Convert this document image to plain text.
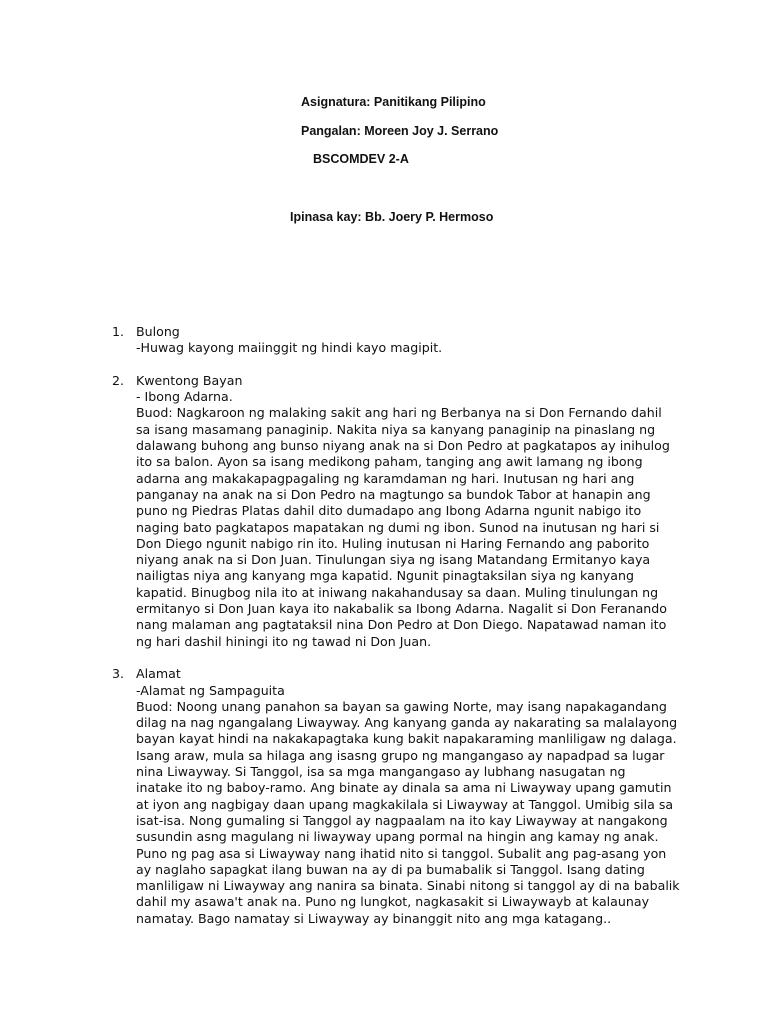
Asignatura: Panitikang Pilipino
Pangalan: Moreen Joy J. Serrano
BSCOMDEV 2-A
Ipinasa kay: Bb. Joery P. Hermoso
1. Bulong

-Huwag kayong maiinggit ng hindi kayo magipit.

2. Kwentong Bayan

- Ibong Adarna.

Buod: Nagkaroon ng malaking sakit ang hari ng Berbanya na si Don Fernando dahil
sa isang masamang panaginip. Nakita niya sa kanyang panaginip na pinaslang ng
dalawang buhong ang bunso niyang anak na si Don Pedro at pagkatapos ay inihulog
ito sa balon. Ayon sa isang medikong paham, tanging ang awit lamang ng ibong
adarna ang makakapagpagaling ng karamdaman ng hari. Inutusan ng hari ang
panganay na anak na si Don Pedro na magtungo sa bundok Tabor at hanapin ang
puno ng Piedras Platas dahil dito dumadapo ang Ibong Adarna ngunit nabigo ito
naging bato pagkatapos mapatakan ng dumi ng ibon. Sunod na inutusan ng hari si
Don Diego ngunit nabigo rin ito. Huling inutusan ni Haring Fernando ang paborito
niyang anak na si Don Juan. Tinulungan siya ng isang Matandang Ermitanyo kaya
nailigtas niya ang kanyang mga kapatid. Ngunit pinagtaksilan siya ng kanyang
kapatid. Binugbog nila ito at iniwang nakahandusay sa daan. Muling tinulungan ng
ermitanyo si Don Juan kaya ito nakabalik sa Ibong Adarna. Nagalit si Don Feranando
nang malaman ang pagtataksil nina Don Pedro at Don Diego. Napatawad naman ito
ng hari dashil hiningi ito ng tawad ni Don Juan.

3. Alamat

-Alamat ng Sampaguita

Buod: Noong unang panahon sa bayan sa gawing Norte, may isang napakagandang
dilag na nag ngangalang Liwayway. Ang kanyang ganda ay nakarating sa malalayong
bayan kayat hindi na nakakapagtaka kung bakit napakaraming manliligaw ng dalaga.
Isang araw, mula sa hilaga ang isasng grupo ng mangangaso ay napadpad sa lugar
nina Liwayway. Si Tanggol, isa sa mga mangangaso ay lubhang nasugatan ng
inatake ito ng baboy-ramo. Ang binate ay dinala sa ama ni Liwayway upang gamutin
at iyon ang nagbigay daan upang magkakilala si Liwayway at Tanggol. Umibig sila sa
isat-isa. Nong gumaling si Tanggol ay nagpaalam na ito kay Liwayway at nangakong
susundin asng magulang ni liwayway upang pormal na hingin ang kamay ng anak.
Puno ng pag asa si Liwayway nang ihatid nito si tanggol. Subalit ang pag-asang yon
ay naglaho sapagkat ilang buwan na ay di pa bumabalik si Tanggol. Isang dating
manliligaw ni Liwayway ang nanira sa binata. Sinabi nitong si tanggol ay di na babalik
dahil my asawa't anak na. Puno ng lungkot, nagkasakit si Liwaywayb at kalaunay
namatay. Bago namatay si Liwayway ay binanggit nito ang mga katagang..
